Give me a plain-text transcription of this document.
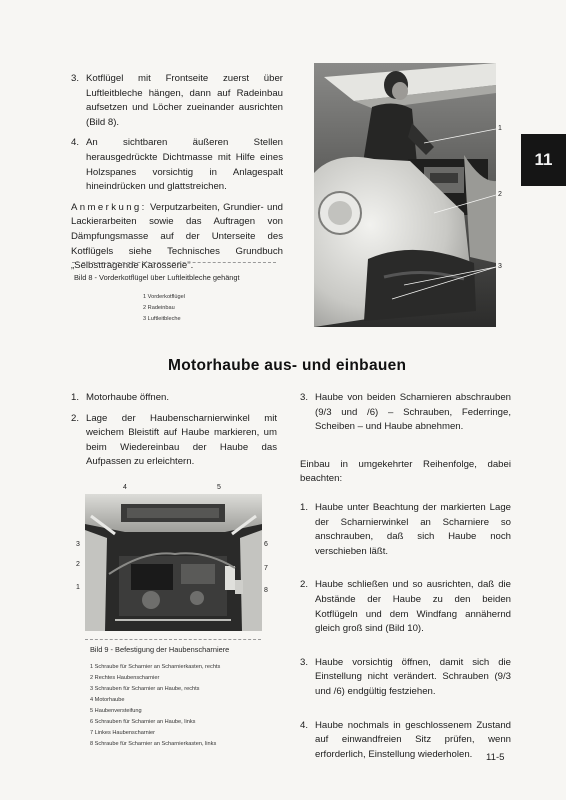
3. Kotflügel mit Frontseite zuerst über Luftleitbleche hängen, dann auf Radeinbau aufsetzen und Löcher zueinander ausrichten (Bild 8).
4. An sichtbaren äußeren Stellen herausgedrückte Dichtmasse mit Hilfe eines Holzspanes vorsichtig in Anlagespalt hineindrücken und glattstreichen.

Anmerkung: Verputzarbeiten, Grundier- und Lackierarbeiten sowie das Auftragen von Dämpfungsmasse auf der Unterseite des Kotflügels siehe Technisches Grundbuch „Selbsttragende Karosserie".

Bild 8 - Vorderkotflügel über Luftleitbleche gehängt
1 Vorderkotflügel
2 Radeinbau
3 Luftleitbleche
1
2
3
11
Motorhaube aus- und einbauen
1. Motorhaube öffnen.
2. Lage der Haubenscharnierwinkel mit weichem Bleistift auf Haube markieren, um beim Wiedereinbau der Haube das Aufpassen zu erleichtern.
4	5
3
2
1
6
7
8
Bild 9 - Befestigung der Haubenscharniere
1 Schraube für Scharnier an Scharnierkasten, rechts
2 Rechtes Haubenscharnier
3 Schrauben für Scharnier an Haube, rechts
4 Motorhaube
5 Haubenversteifung
6 Schrauben für Scharnier an Haube, links
7 Linkes Haubenscharnier
8 Schraube für Scharnier an Scharnierkasten, links
3. Haube von beiden Scharnieren abschrauben (9/3 und /6) – Schrauben, Federringe, Scheiben – und Haube abnehmen.

Einbau in umgekehrter Reihenfolge, dabei beachten:

1. Haube unter Beachtung der markierten Lage der Scharnierwinkel an Scharniere so anschrauben, daß sich Haube noch verschieben läßt.
2. Haube schließen und so ausrichten, daß die Abstände der Haube zu den beiden Kotflügeln und dem Windfang annähernd gleich groß sind (Bild 10).
3. Haube vorsichtig öffnen, damit sich die Einstellung nicht verändert. Schrauben (9/3 und /6) endgültig festziehen.
4. Haube nochmals in geschlossenem Zustand auf einwandfreien Sitz prüfen, wenn erforderlich, Einstellung wiederholen.	11-5
